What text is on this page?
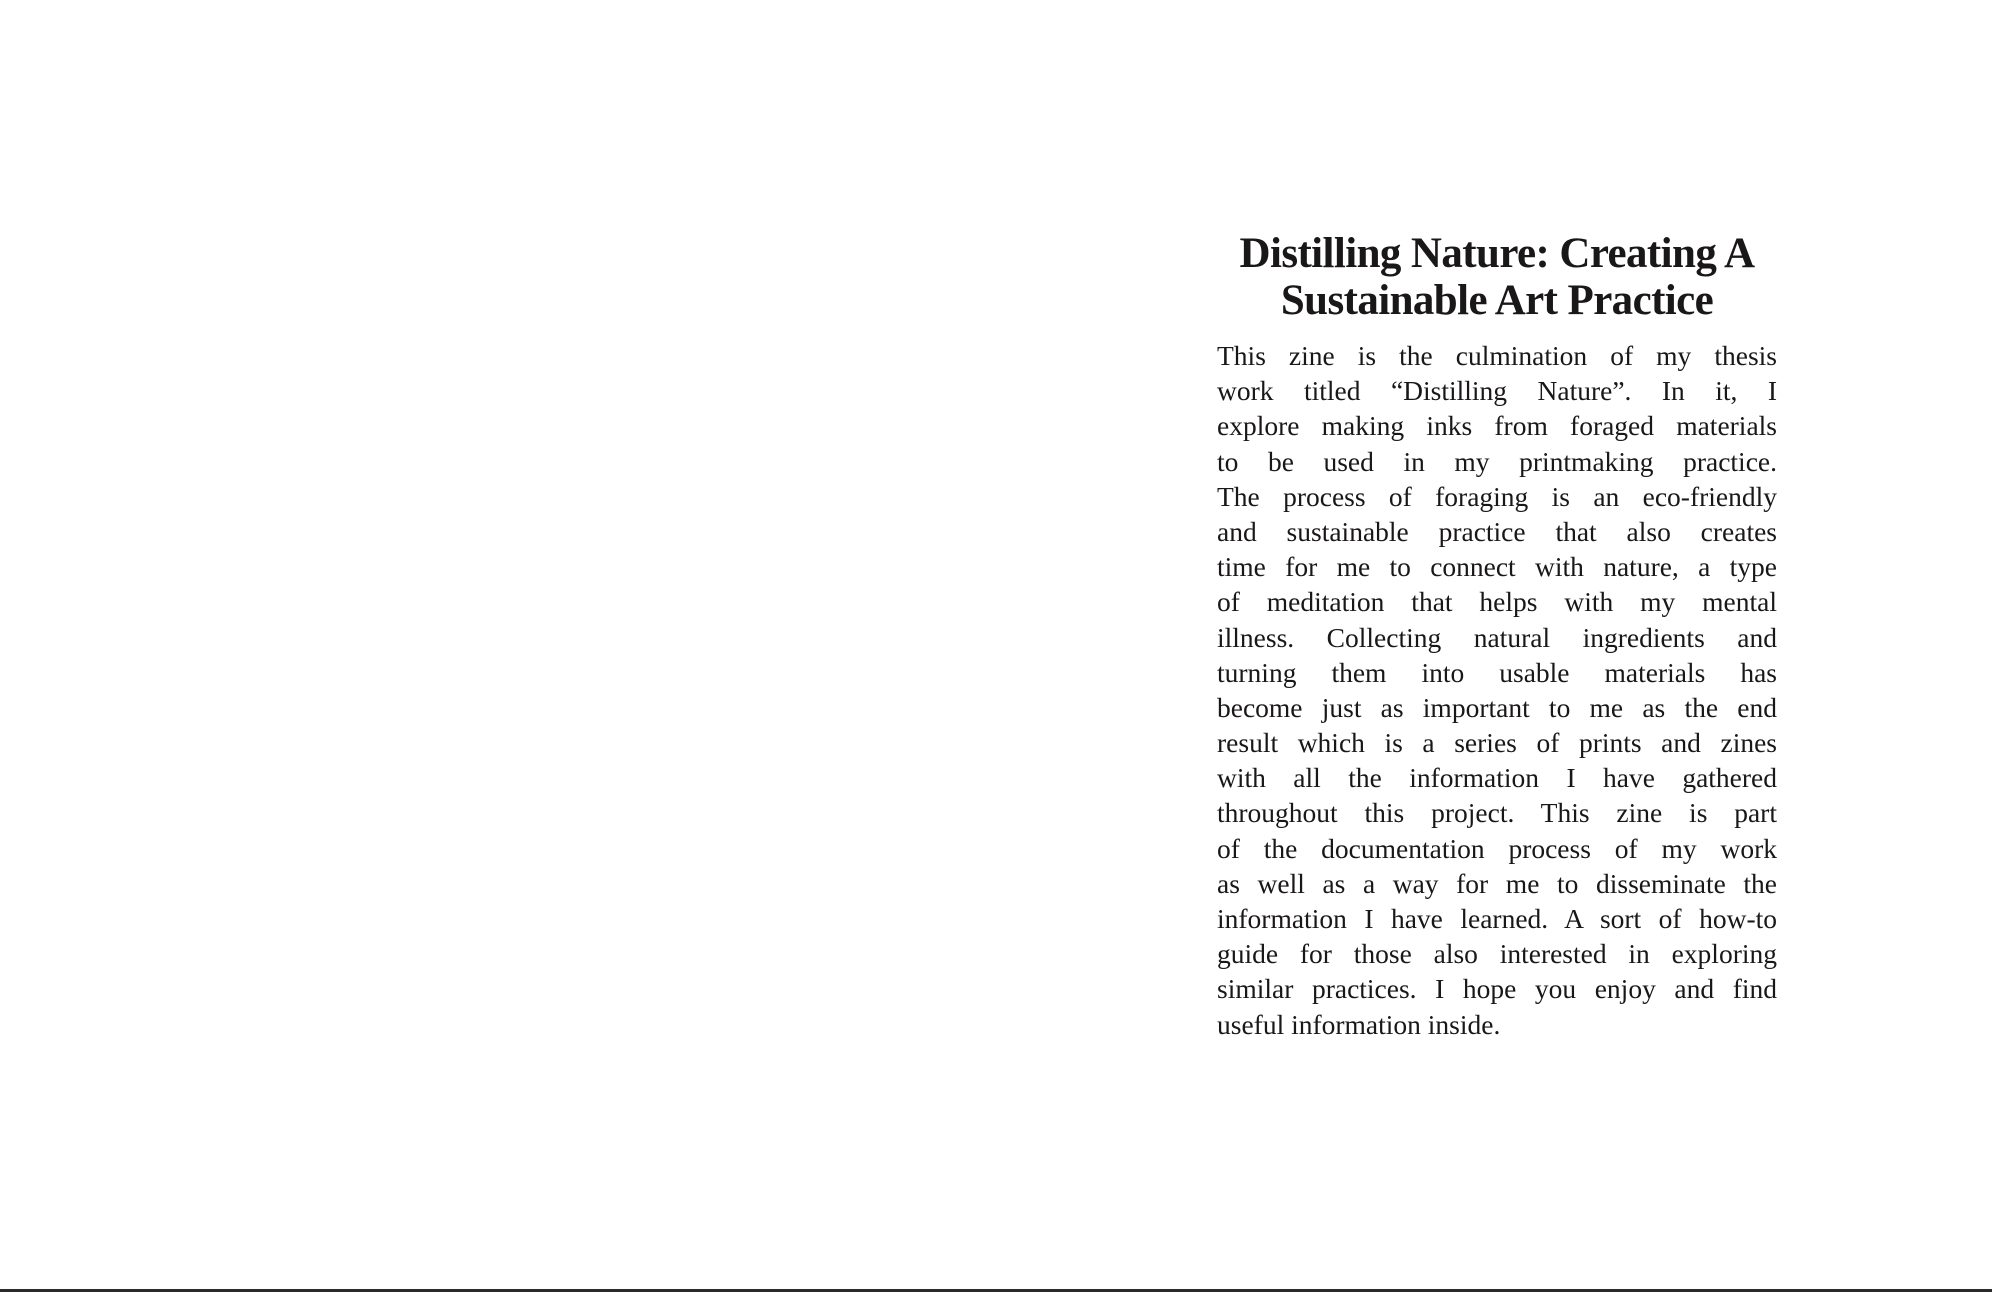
Distilling Nature: Creating A
Sustainable Art Practice
This zine is the culmination of my thesis
work titled “Distilling Nature”. In it, I
explore making inks from foraged materials
to be used in my printmaking practice.
The process of foraging is an eco-friendly
and sustainable practice that also creates
time for me to connect with nature, a type
of meditation that helps with my mental
illness. Collecting natural ingredients and
turning them into usable materials has
become just as important to me as the end
result which is a series of prints and zines
with all the information I have gathered
throughout this project. This zine is part
of the documentation process of my work
as well as a way for me to disseminate the
information I have learned. A sort of how-to
guide for those also interested in exploring
similar practices. I hope you enjoy and find
useful information inside.
